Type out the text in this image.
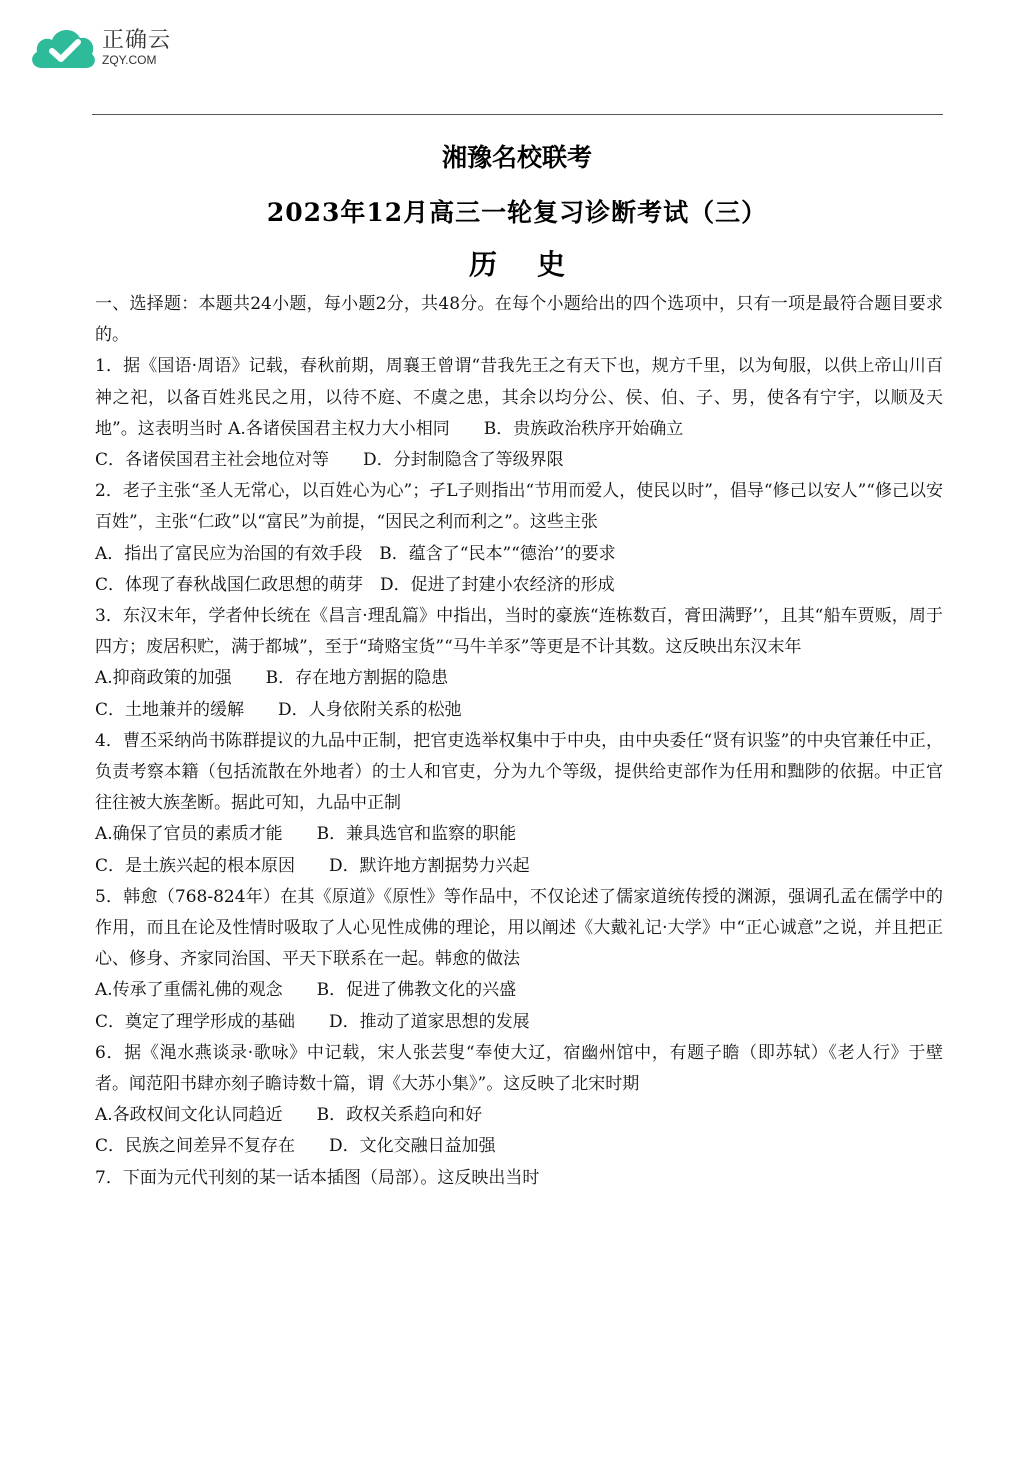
正确云
ZQY.COM
湘豫名校联考
2023年12月高三一轮复习诊断考试（三）
历史

一、选择题：本题共24小题，每小题2分，共48分。在每个小题给出的四个选项中，只有一项是最符合题目要求的。

1．据《国语·周语》记载，春秋前期，周襄王曾谓“昔我先王之有天下也，规方千里，以为甸服，以供上帝山川百神之祀，以备百姓兆民之用，以待不庭、不虞之患，其余以均分公、侯、伯、子、男，使各有宁宇，以顺及天地”。这表明当时 A.各诸侯国君主权力大小相同　　B．贵族政治秩序开始确立

C．各诸侯国君主社会地位对等　　D．分封制隐含了等级界限

2．老子主张“圣人无常心，以百姓心为心”；孑L子则指出“节用而爱人，使民以时”，倡导“修己以安人”“修己以安百姓”，主张“仁政”以“富民”为前提，“因民之利而利之”。这些主张

A．指出了富民应为治国的有效手段　B．蕴含了“民本”“德治’’的要求

C．体现了春秋战国仁政思想的萌芽　D．促进了封建小农经济的形成

3．东汉末年，学者仲长统在《昌言·理乱篇》中指出，当时的豪族“连栋数百，膏田满野’’，且其“船车贾贩，周于四方；废居积贮，满于都城”，至于“琦赂宝货”“马牛羊豕”等更是不计其数。这反映出东汉末年

A.抑商政策的加强　　B．存在地方割据的隐患

C．土地兼并的缓解　　D．人身依附关系的松弛

4．曹丕采纳尚书陈群提议的九品中正制，把官吏选举权集中于中央，由中央委任“贤有识鉴”的中央官兼任中正，负责考察本籍（包括流散在外地者）的士人和官吏，分为九个等级，提供给吏部作为任用和黜陟的依据。中正官往往被大族垄断。据此可知，九品中正制

A.确保了官员的素质才能　　B．兼具选官和监察的职能

C．是土族兴起的根本原因　　D．默许地方割据势力兴起

5．韩愈（768-824年）在其《原道》《原性》等作品中，不仅论述了儒家道统传授的渊源，强调孔孟在儒学中的作用，而且在论及性情时吸取了人心见性成佛的理论，用以阐述《大戴礼记·大学》中“正心诚意”之说，并且把正心、修身、齐家同治国、平天下联系在一起。韩愈的做法

A.传承了重儒礼佛的观念　　B．促进了佛教文化的兴盛

C．奠定了理学形成的基础　　D．推动了道家思想的发展

6．据《渑水燕谈录·歌咏》中记载，宋人张芸叟“奉使大辽，宿幽州馆中，有题子瞻（即苏轼）《老人行》于壁者。闻范阳书肆亦刻子瞻诗数十篇，谓《大苏小集》”。这反映了北宋时期

A.各政权间文化认同趋近　　B．政权关系趋向和好

C．民族之间差异不复存在　　D．文化交融日益加强

7．下面为元代刊刻的某一话本插图（局部）。这反映出当时
